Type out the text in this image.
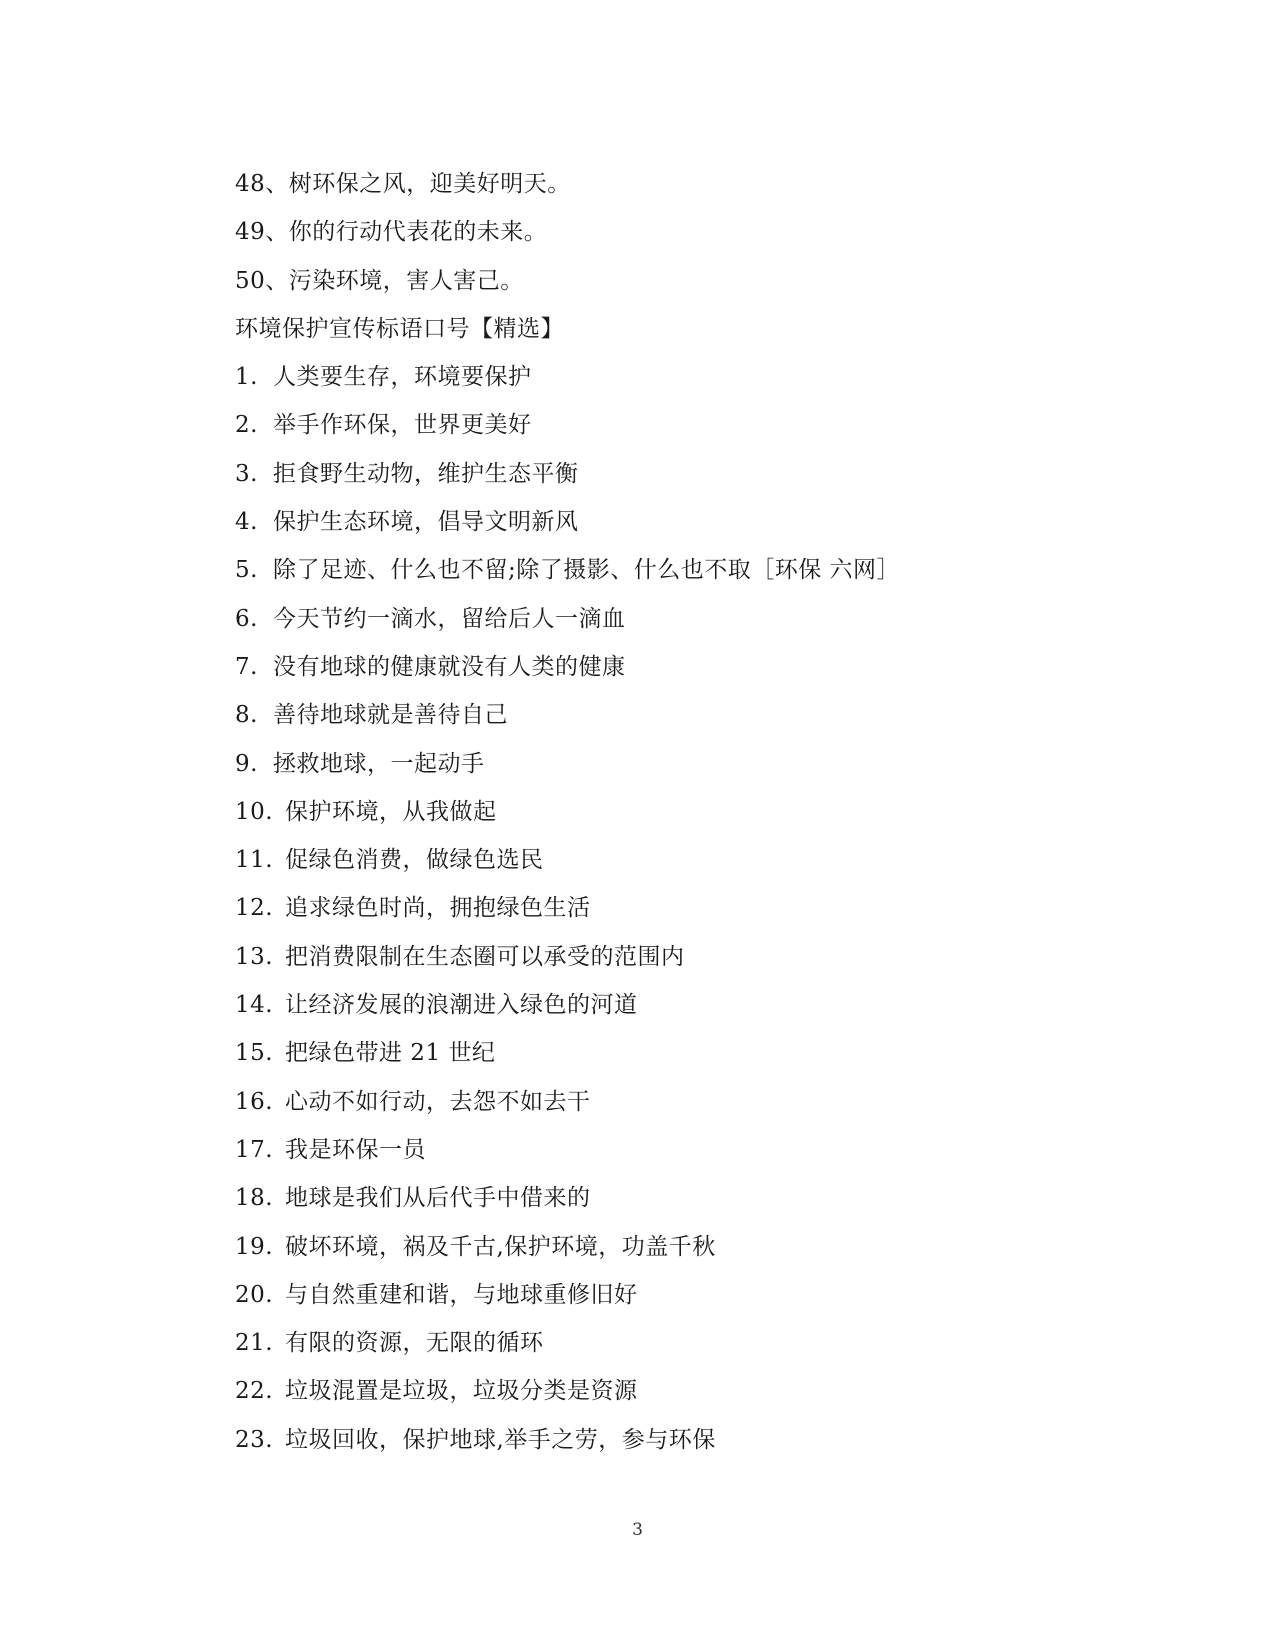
48、树环保之风，迎美好明天。
49、你的行动代表花的未来。
50、污染环境，害人害己。
环境保护宣传标语口号【精选】
1. 人类要生存，环境要保护
2. 举手作环保，世界更美好
3. 拒食野生动物，维护生态平衡
4. 保护生态环境，倡导文明新风
5. 除了足迹、什么也不留;除了摄影、什么也不取［环保 六网］
6. 今天节约一滴水，留给后人一滴血
7. 没有地球的健康就没有人类的健康
8. 善待地球就是善待自己
9. 拯救地球，一起动手
10. 保护环境，从我做起
11. 促绿色消费，做绿色选民
12. 追求绿色时尚，拥抱绿色生活
13. 把消费限制在生态圈可以承受的范围内
14. 让经济发展的浪潮进入绿色的河道
15. 把绿色带进 21 世纪
16. 心动不如行动，去怨不如去干
17. 我是环保一员
18. 地球是我们从后代手中借来的
19. 破坏环境，祸及千古,保护环境，功盖千秋
20. 与自然重建和谐，与地球重修旧好
21. 有限的资源，无限的循环
22. 垃圾混置是垃圾，垃圾分类是资源
23. 垃圾回收，保护地球,举手之劳，参与环保
3
